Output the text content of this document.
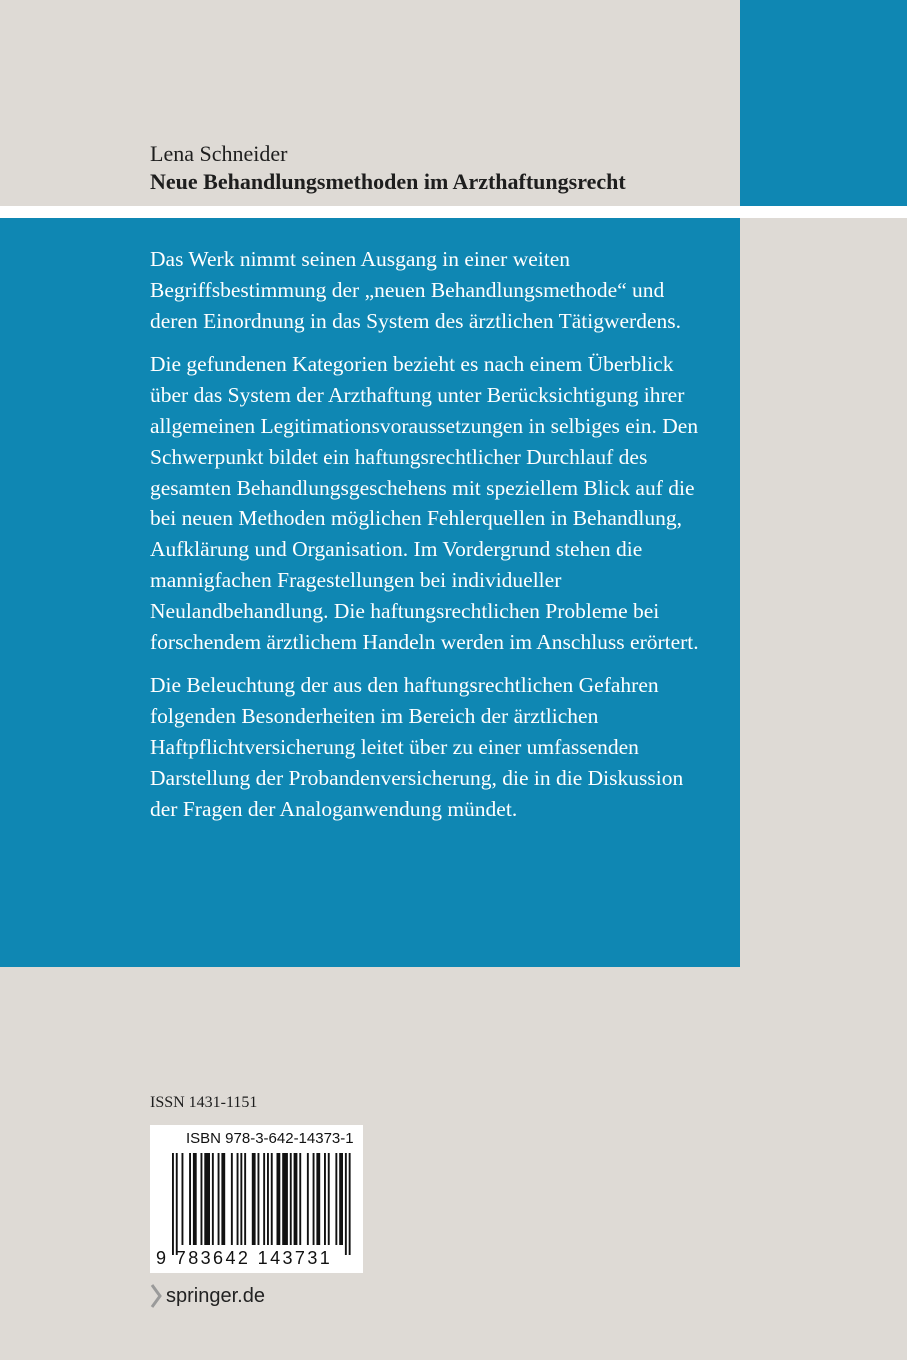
Lena Schneider
Neue Behandlungsmethoden im Arzthaftungsrecht

Das Werk nimmt seinen Ausgang in einer weiten Begriffsbestimmung der „neuen Behandlungsmethode“ und deren Einordnung in das System des ärztlichen Tätigwerdens.

Die gefundenen Kategorien bezieht es nach einem Überblick über das System der Arzthaftung unter Berücksichtigung ihrer allgemeinen Legitimationsvoraussetzungen in selbiges ein. Den Schwerpunkt bildet ein haftungsrechtlicher Durchlauf des gesamten Behandlungsgeschehens mit speziellem Blick auf die bei neuen Methoden möglichen Fehlerquellen in Behandlung, Aufklärung und Organisation. Im Vordergrund stehen die mannigfachen Fragestellungen bei individueller Neulandbehandlung. Die haftungsrechtlichen Probleme bei forschendem ärztlichem Handeln werden im Anschluss erörtert.

Die Beleuchtung der aus den haftungsrechtlichen Gefahren folgenden Besonderheiten im Bereich der ärztlichen Haftpflichtversicherung leitet über zu einer umfassenden Darstellung der Probandenversicherung, die in die Diskussion der Fragen der Analoganwendung mündet.

ISSN 1431-1151
ISBN 978-3-642-14373-1
9 783642 143731
springer.de
